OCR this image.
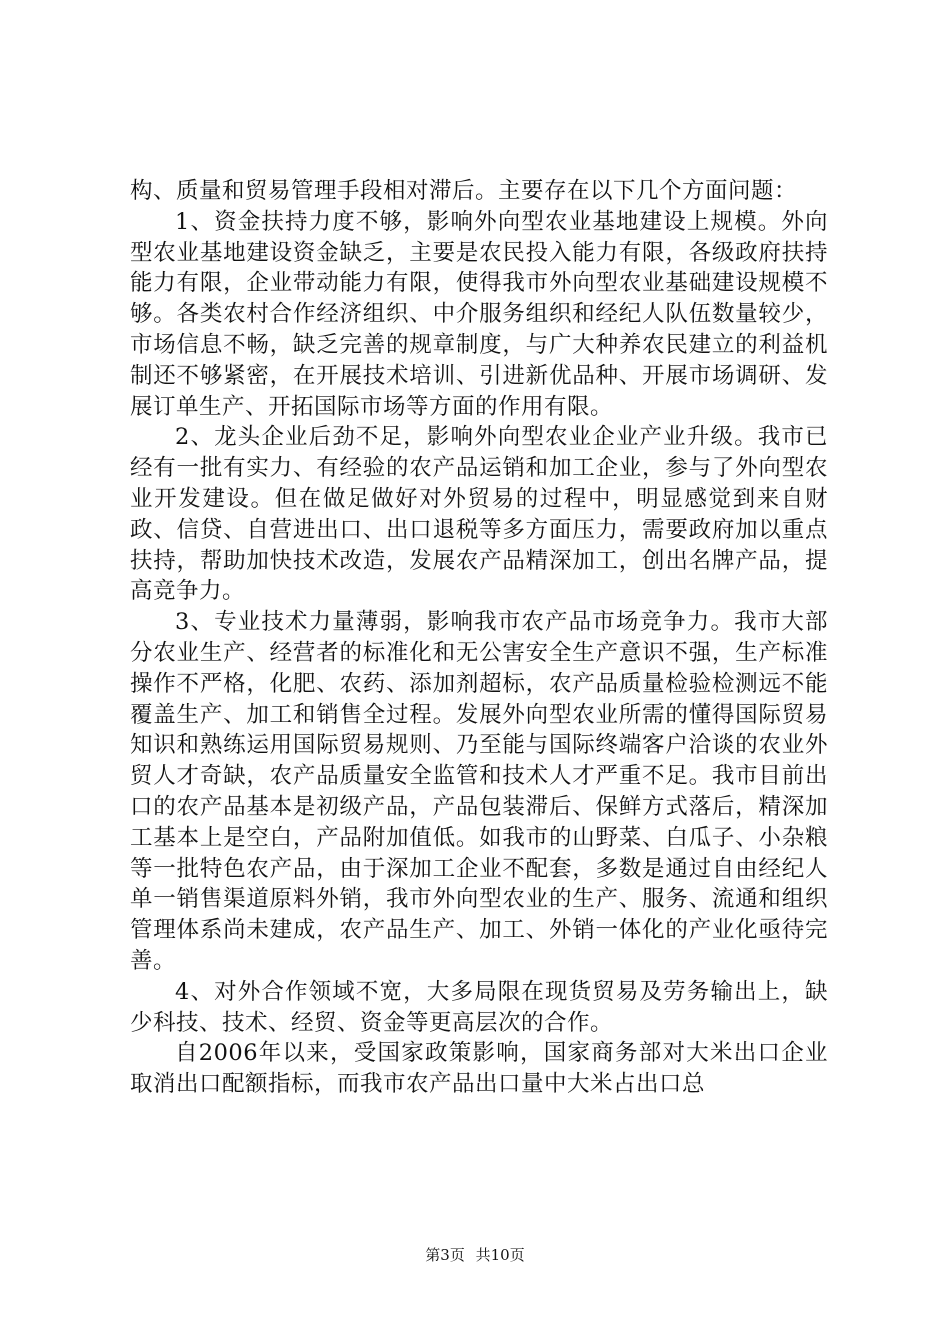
构、质量和贸易管理手段相对滞后。主要存在以下几个方面问题：

1、资金扶持力度不够，影响外向型农业基地建设上规模。外向型农业基地建设资金缺乏，主要是农民投入能力有限，各级政府扶持能力有限，企业带动能力有限，使得我市外向型农业基础建设规模不够。各类农村合作经济组织、中介服务组织和经纪人队伍数量较少，市场信息不畅，缺乏完善的规章制度，与广大种养农民建立的利益机制还不够紧密，在开展技术培训、引进新优品种、开展市场调研、发展订单生产、开拓国际市场等方面的作用有限。

2、龙头企业后劲不足，影响外向型农业企业产业升级。我市已经有一批有实力、有经验的农产品运销和加工企业，参与了外向型农业开发建设。但在做足做好对外贸易的过程中，明显感觉到来自财政、信贷、自营进出口、出口退税等多方面压力，需要政府加以重点扶持，帮助加快技术改造，发展农产品精深加工，创出名牌产品，提高竞争力。

3、专业技术力量薄弱，影响我市农产品市场竞争力。我市大部分农业生产、经营者的标准化和无公害安全生产意识不强，生产标准操作不严格，化肥、农药、添加剂超标，农产品质量检验检测远不能覆盖生产、加工和销售全过程。发展外向型农业所需的懂得国际贸易知识和熟练运用国际贸易规则、乃至能与国际终端客户洽谈的农业外贸人才奇缺，农产品质量安全监管和技术人才严重不足。我市目前出口的农产品基本是初级产品，产品包装滞后、保鲜方式落后，精深加工基本上是空白，产品附加值低。如我市的山野菜、白瓜子、小杂粮等一批特色农产品，由于深加工企业不配套，多数是通过自由经纪人单一销售渠道原料外销，我市外向型农业的生产、服务、流通和组织管理体系尚未建成，农产品生产、加工、外销一体化的产业化亟待完善。

4、对外合作领域不宽，大多局限在现货贸易及劳务输出上，缺少科技、技术、经贸、资金等更高层次的合作。

自2006年以来，受国家政策影响，国家商务部对大米出口企业取消出口配额指标，而我市农产品出口量中大米占出口总

第3页 共10页
